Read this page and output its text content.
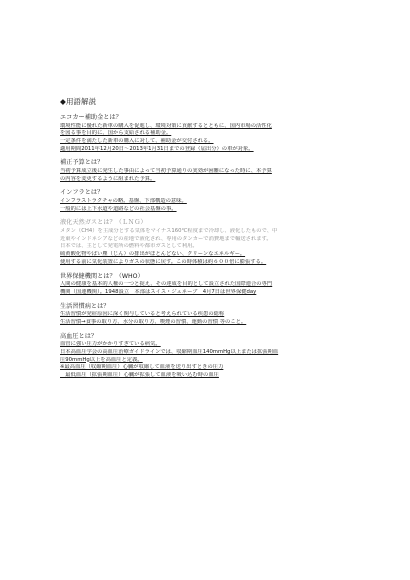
◆用語解説
エコカー補助金とは？
環境性能に優れた新車の購入を促進し、環境対策に貢献するとともに、国内市場の活性化
を図る事を目的に、国から支給される補助金。
一定条件を満たした新車の購入に対して、補助金が交付される。
適用期間2011年12月20日～2013年1月31日までの登録（届出分）の車が対象。
補正予算とは？
当初予算成立後に発生した事由によって当初予算通りの実効が困難になった時に、本予算
の内容を変更するように組まれた予算。
インフラとは？
インフラストラクチャの略。基盤、下部構造の意味。
一般的には上下水道や道路などの社会基盤の事。
液化天然ガスとは？（ＬＮＧ）
メタン（CH4）を主成分とする気体をマイナス160℃程度まで冷却し、液化したもので、中
近東やインドネシアなどの産地で液化され、専用のタンカーで消費地まで輸送されます。
日本では、主として発電所の燃料や都市ガスとして利用。
硫黄酸化物やばい塵（じん）の排出がほとんどない、クリーンなエネルギー。
使用する前に気化装置によりガスの状態に戻す。この時体積は約６００倍に膨張する。
世界保健機関とは？（WHO）
人間の健康を基本的人権の一つと捉え、その達成を目的として設立された国際連合の専門
機関（国連機関）。1948設立　本部はスイス・ジュネーブ　4月7日は世界保健day
生活習慣病とは？
生活習慣が発症原因に深く関与していると考えられている疾患の総称
生活習慣→食事の取り方、水分の取り方、喫煙の習慣、運動の習慣 等のこと。
高血圧とは？
血管に強い圧力がかかりすぎている病気。
日本高血圧学会の高血圧治療ガイドラインでは、収縮期血圧140mmHg以上または拡張期血
圧90mmHg以上を高血圧と定義。
※最高血圧（収縮期血圧）心臓が収縮して血液を送り出すときの圧力
　最低血圧（拡張期血圧）心臓が拡張して血液を吸い込む時の血圧
